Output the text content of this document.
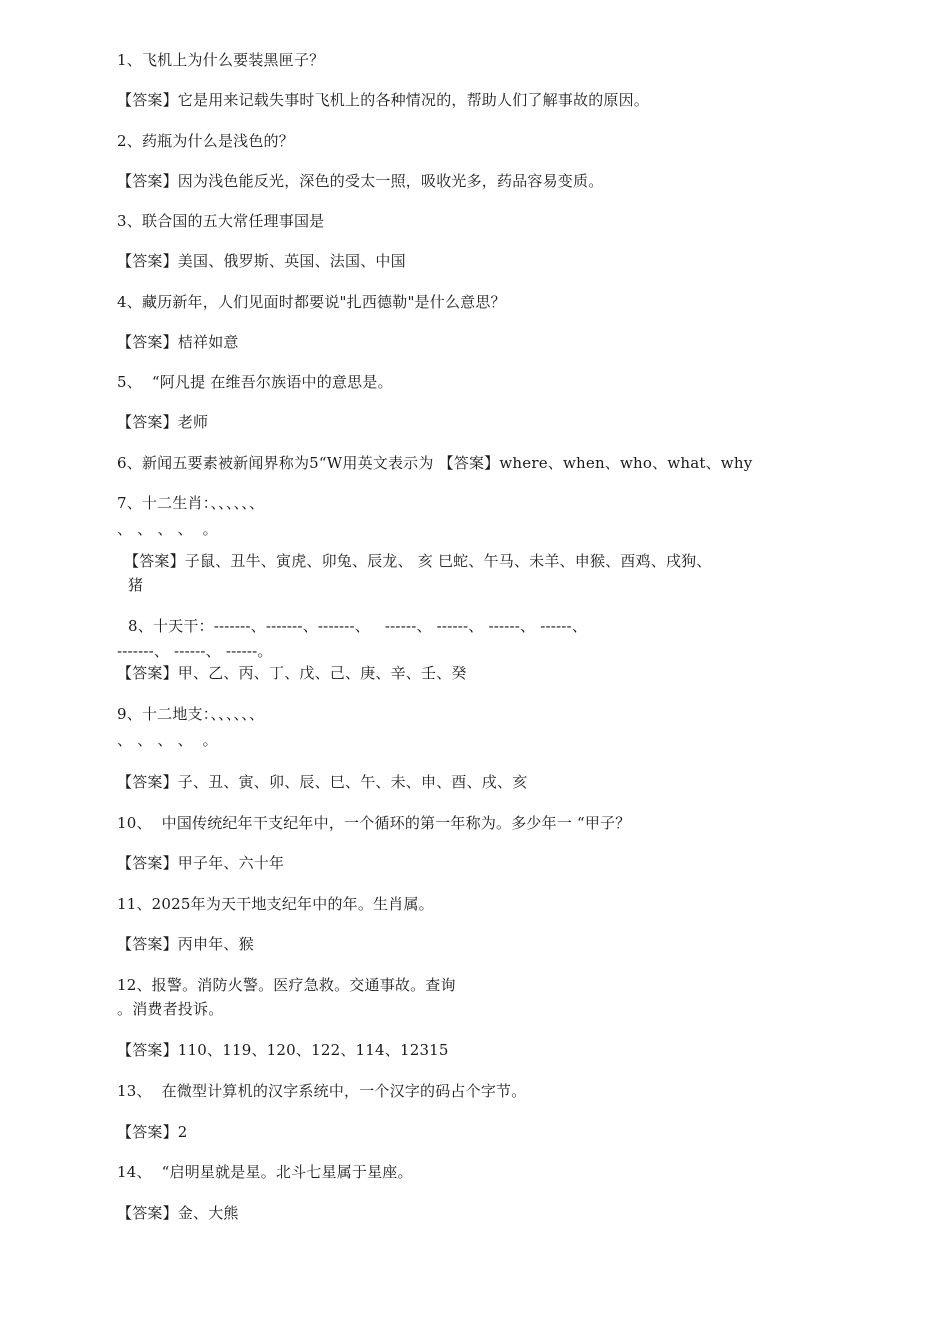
1、飞机上为什么要装黑匣子？
【答案】它是用来记载失事时飞机上的各种情况的，帮助人们了解事故的原因。
2、药瓶为什么是浅色的？
【答案】因为浅色能反光，深色的受太一照，吸收光多，药品容易变质。
3、联合国的五大常任理事国是
【答案】美国、俄罗斯、英国、法国、中国
4、藏历新年，人们见面时都要说"扎西德勒"是什么意思？
【答案】桔祥如意
5、  “阿凡提 在维吾尔族语中的意思是。
【答案】老师
6、新闻五要素被新闻界称为5“W用英文表示为 【答案】where、when、who、what、why
7、十二生肖：、、、、、、
、 、 、 、  。
【答案】子鼠、丑牛、寅虎、卯兔、辰龙、 亥 巳蛇、午马、未羊、申猴、酉鸡、戌狗、
猪
8、十天干：-------、-------、-------、   ------、 ------、 ------、 ------、
-------、 ------、 ------。
【答案】甲、乙、丙、丁、戊、己、庚、辛、壬、癸
9、十二地支：、、、、、、
、 、 、 、  。
【答案】子、丑、寅、卯、辰、巳、午、未、申、酉、戌、亥
10、  中国传统纪年干支纪年中，一个循环的第一年称为。多少年一 “甲子？
【答案】甲子年、六十年
11、2025年为天干地支纪年中的年。生肖属。
【答案】丙申年、猴
12、报警。消防火警。医疗急救。交通事故。查询
。消费者投诉。
【答案】110、119、120、122、114、12315
13、  在微型计算机的汉字系统中，一个汉字的码占个字节。
【答案】2
14、  “启明星就是星。北斗七星属于星座。
【答案】金、大熊
